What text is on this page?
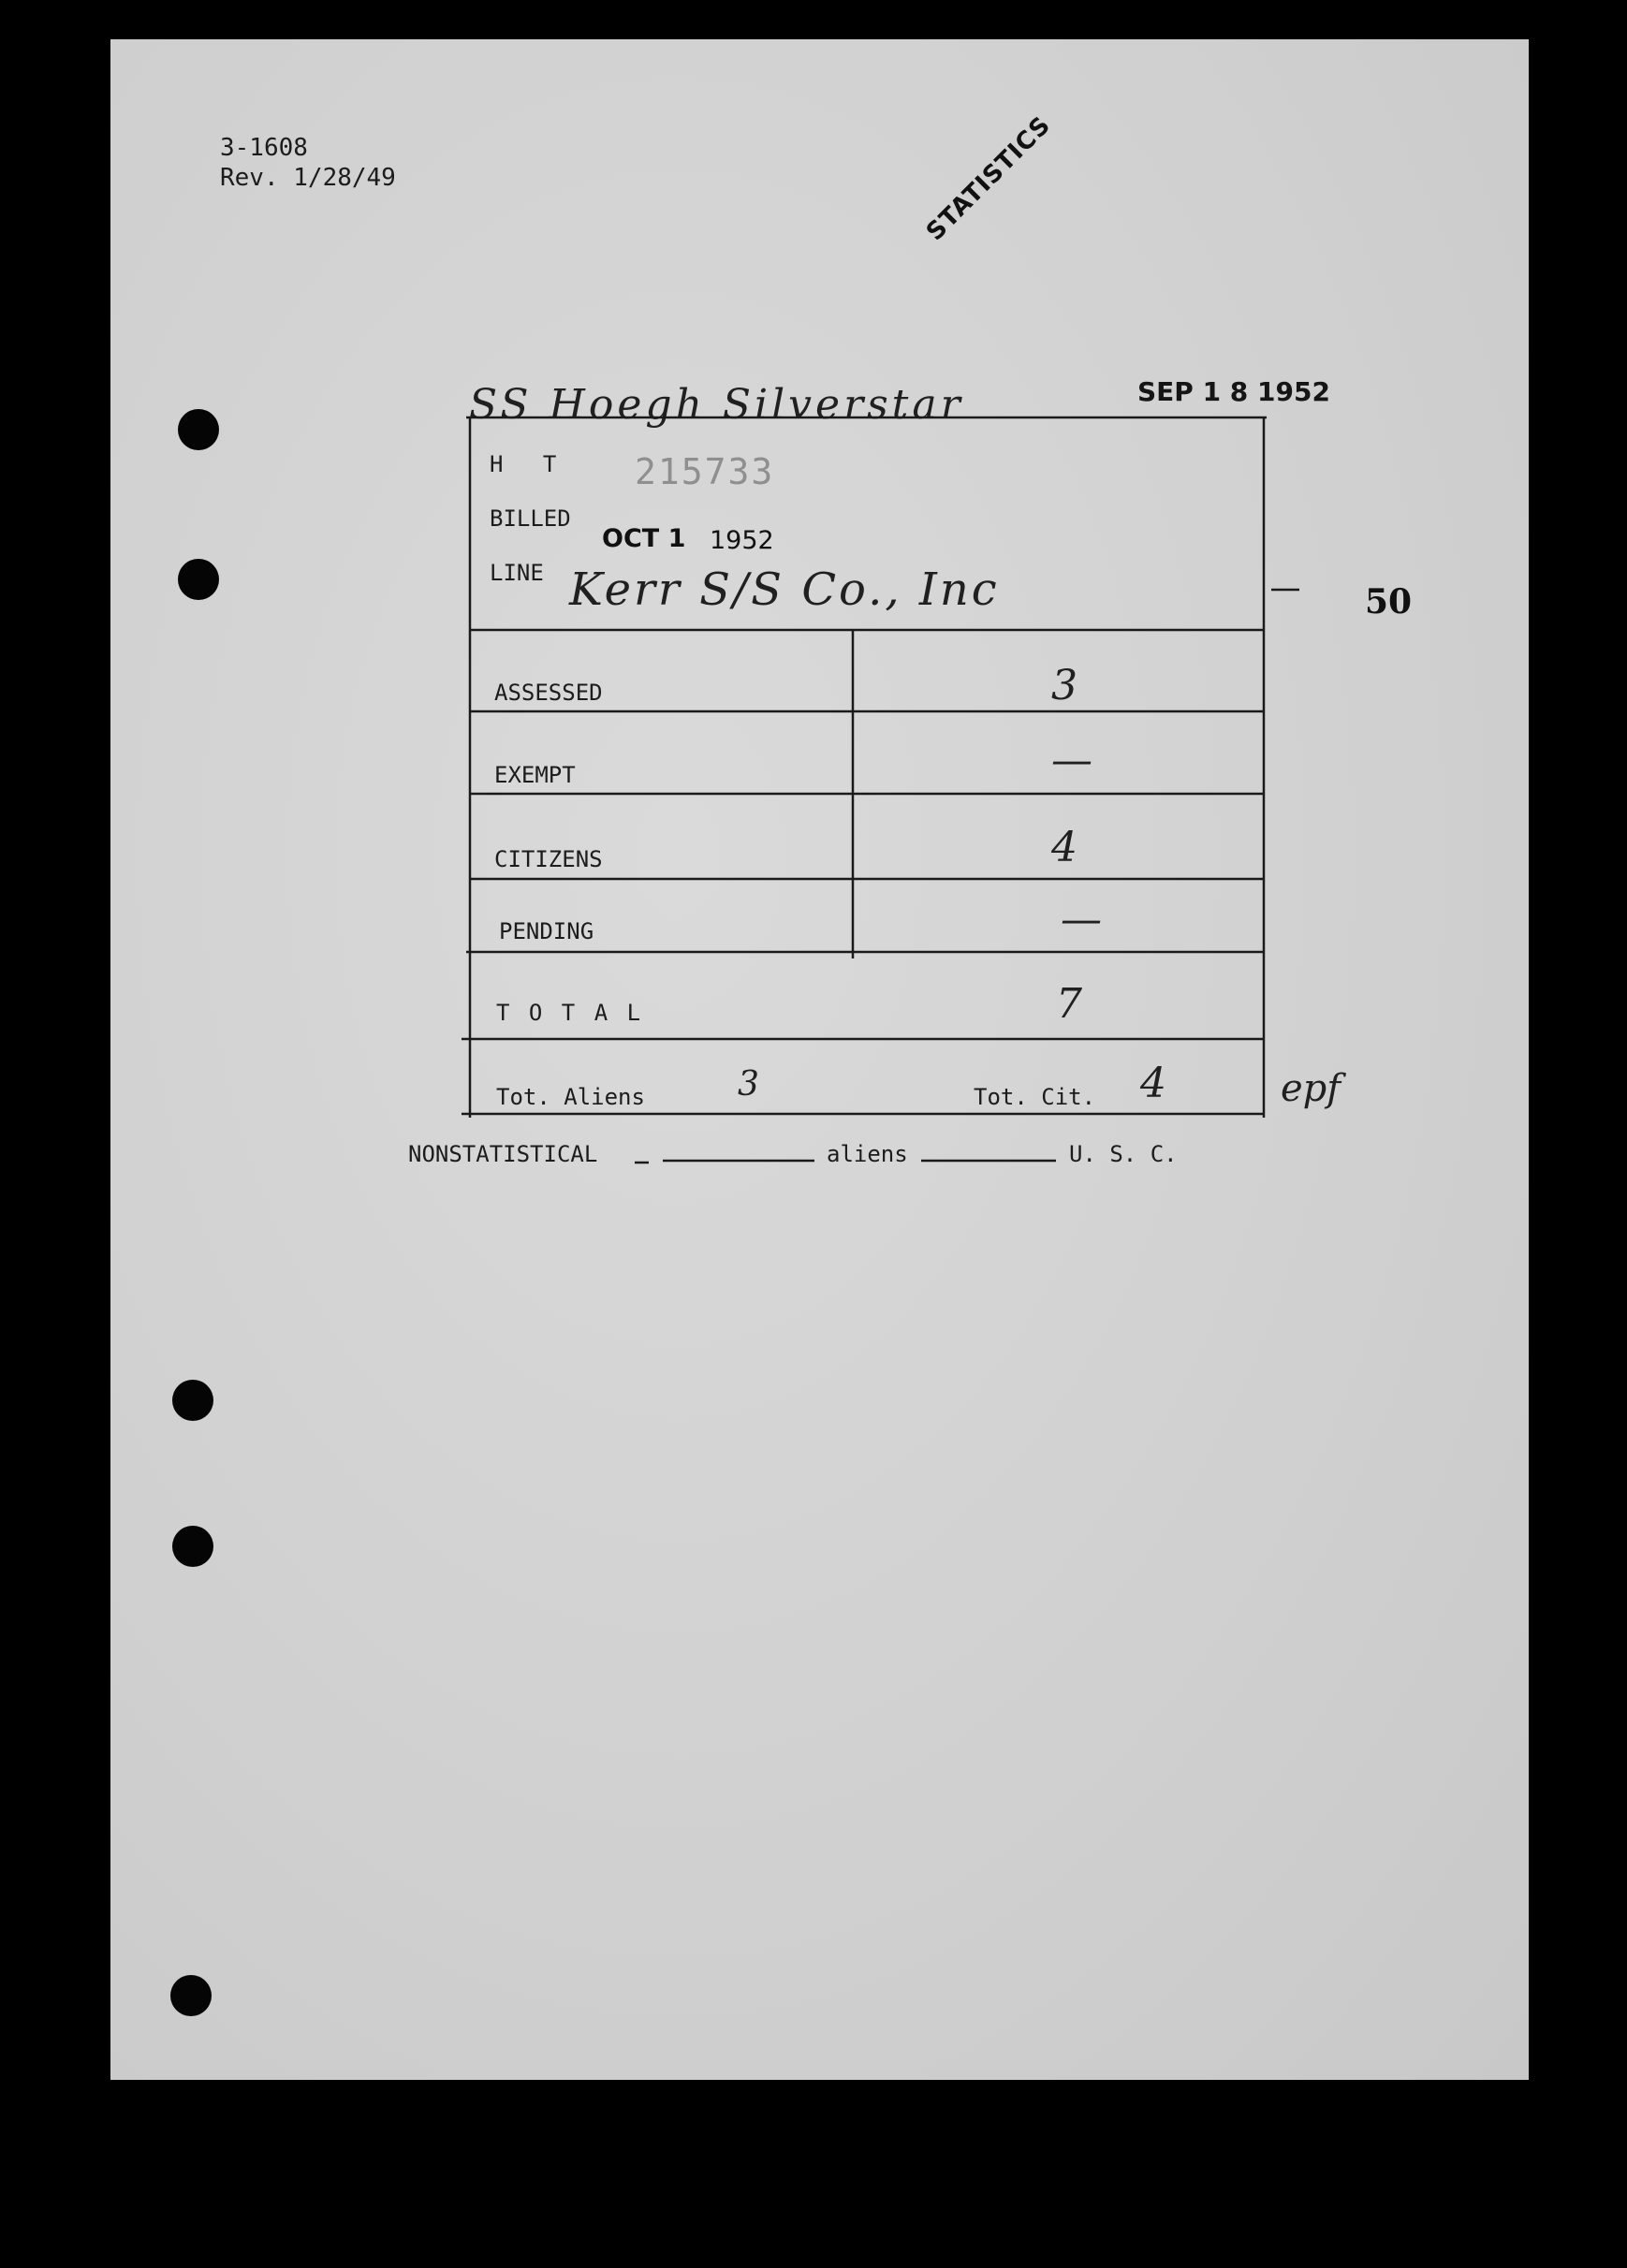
3-1608
Rev. 1/28/49	STATISTICS
SS Hoegh Silverstar	SEP 1 8 1952
H T 215733
BILLED
OCT 1 1952
LINE Kerr S/S Co., Inc	50
ASSESSED	3
EXEMPT	—
CITIZENS	4
PENDING	—
T O T A L	7
Tot. Aliens	3	Tot. Cit. 4	epf
NONSTATISTICAL	aliens	U. S. C.
